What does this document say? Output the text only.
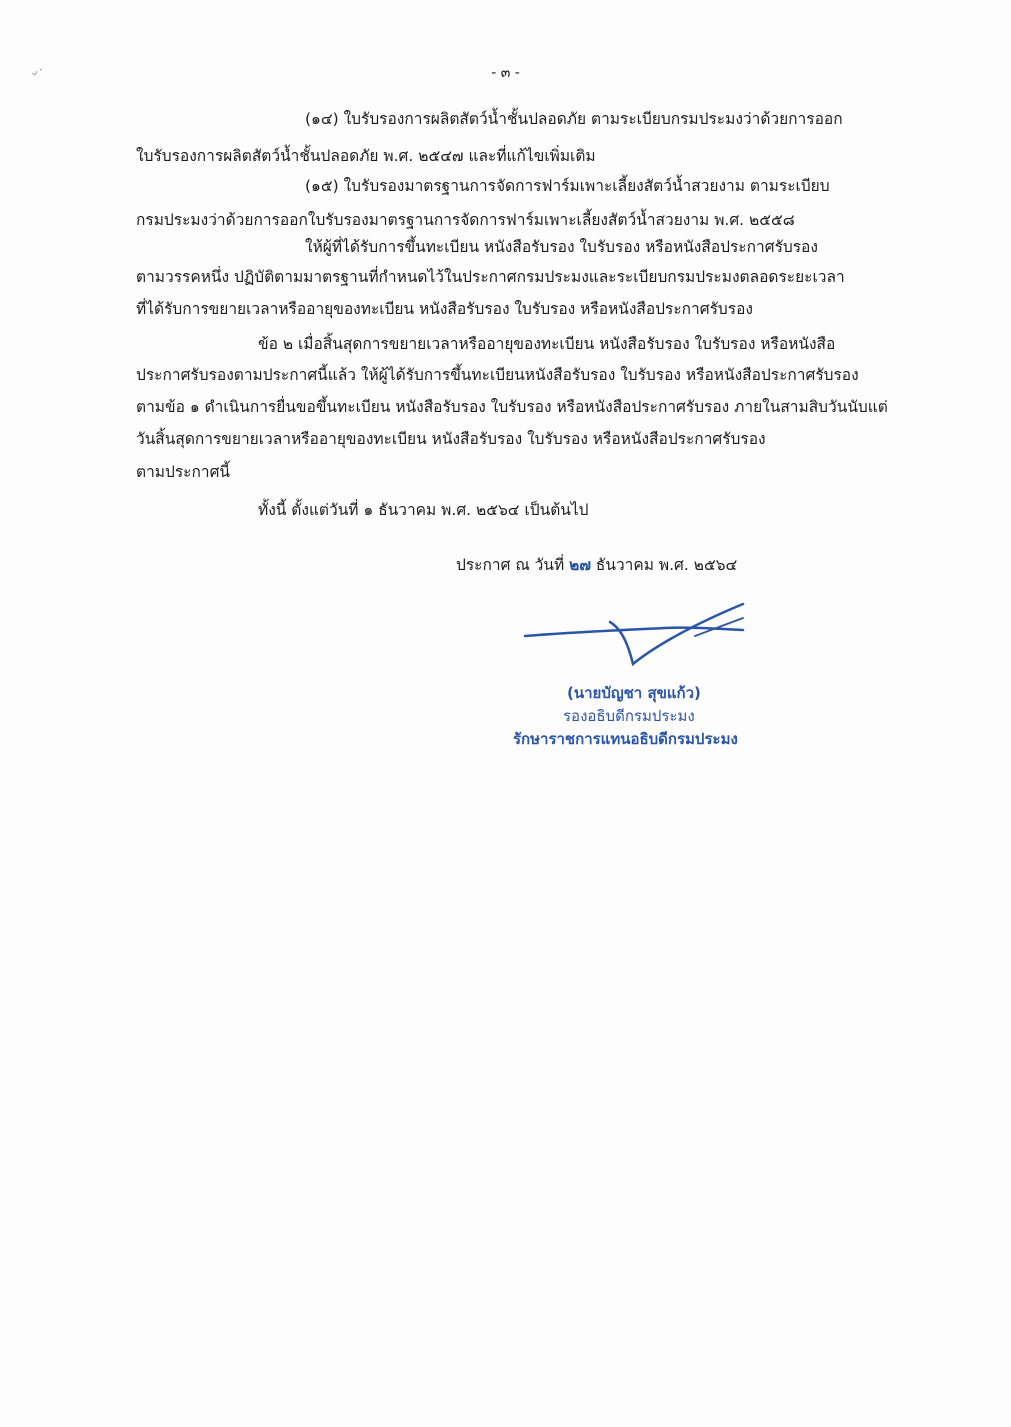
- ๓ -
(๑๔) ใบรับรองการผลิตสัตว์น้ำชั้นปลอดภัย ตามระเบียบกรมประมงว่าด้วยการออก
ใบรับรองการผลิตสัตว์น้ำชั้นปลอดภัย พ.ศ. ๒๕๔๗ และที่แก้ไขเพิ่มเติม
(๑๕) ใบรับรองมาตรฐานการจัดการฟาร์มเพาะเลี้ยงสัตว์น้ำสวยงาม ตามระเบียบ
กรมประมงว่าด้วยการออกใบรับรองมาตรฐานการจัดการฟาร์มเพาะเลี้ยงสัตว์น้ำสวยงาม พ.ศ. ๒๕๕๘
ให้ผู้ที่ได้รับการขึ้นทะเบียน หนังสือรับรอง ใบรับรอง หรือหนังสือประกาศรับรอง
ตามวรรคหนึ่ง ปฏิบัติตามมาตรฐานที่กำหนดไว้ในประกาศกรมประมงและระเบียบกรมประมงตลอดระยะเวลา
ที่ได้รับการขยายเวลาหรืออายุของทะเบียน หนังสือรับรอง ใบรับรอง หรือหนังสือประกาศรับรอง
ข้อ ๒ เมื่อสิ้นสุดการขยายเวลาหรืออายุของทะเบียน หนังสือรับรอง ใบรับรอง หรือหนังสือ
ประกาศรับรองตามประกาศนี้แล้ว ให้ผู้ได้รับการขึ้นทะเบียนหนังสือรับรอง ใบรับรอง หรือหนังสือประกาศรับรอง
ตามข้อ ๑ ดำเนินการยื่นขอขึ้นทะเบียน หนังสือรับรอง ใบรับรอง หรือหนังสือประกาศรับรอง ภายในสามสิบวันนับแต่
วันสิ้นสุดการขยายเวลาหรืออายุของทะเบียน หนังสือรับรอง ใบรับรอง หรือหนังสือประกาศรับรอง
ตามประกาศนี้
ทั้งนี้ ตั้งแต่วันที่ ๑ ธันวาคม พ.ศ. ๒๕๖๔ เป็นต้นไป
ประกาศ ณ วันที่ ๒๗ ธันวาคม พ.ศ. ๒๕๖๔
(นายบัญชา สุขแก้ว)
รองอธิบดีกรมประมง
รักษาราชการแทนอธิบดีกรมประมง
